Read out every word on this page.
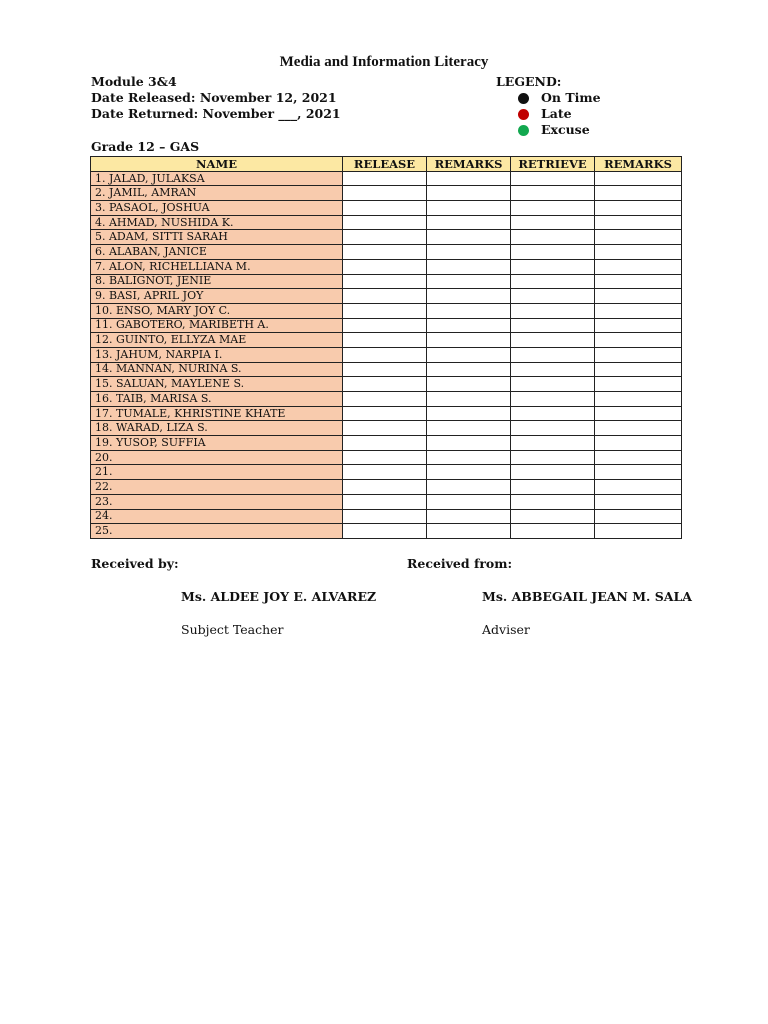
Media and Information Literacy
Module 3&4
Date Released: November 12, 2021
Date Returned: November ___, 2021
LEGEND:
On Time
Late
Excuse
Grade 12 – GAS
NAME	RELEASE	REMARKS	RETRIEVE	REMARKS
1. JALAD, JULAKSA				
2. JAMIL, AMRAN				
3. PASAOL, JOSHUA				
4. AHMAD, NUSHIDA K.				
5. ADAM, SITTI SARAH				
6. ALABAN, JANICE				
7. ALON, RICHELLIANA M.				
8. BALIGNOT, JENIE				
9. BASI, APRIL JOY				
10. ENSO, MARY JOY C.				
11. GABOTERO, MARIBETH A.				
12. GUINTO, ELLYZA MAE				
13. JAHUM, NARPIA I.				
14. MANNAN, NURINA S.				
15. SALUAN, MAYLENE S.				
16. TAIB, MARISA S.				
17. TUMALE, KHRISTINE KHATE				
18. WARAD, LIZA S.				
19. YUSOP, SUFFIA				
20.				
21.				
22.				
23.				
24.				
25.				
Received by:	Received from:
Ms. ALDEE JOY E. ALVAREZ	Ms. ABBEGAIL JEAN M. SALA
Subject Teacher	Adviser
